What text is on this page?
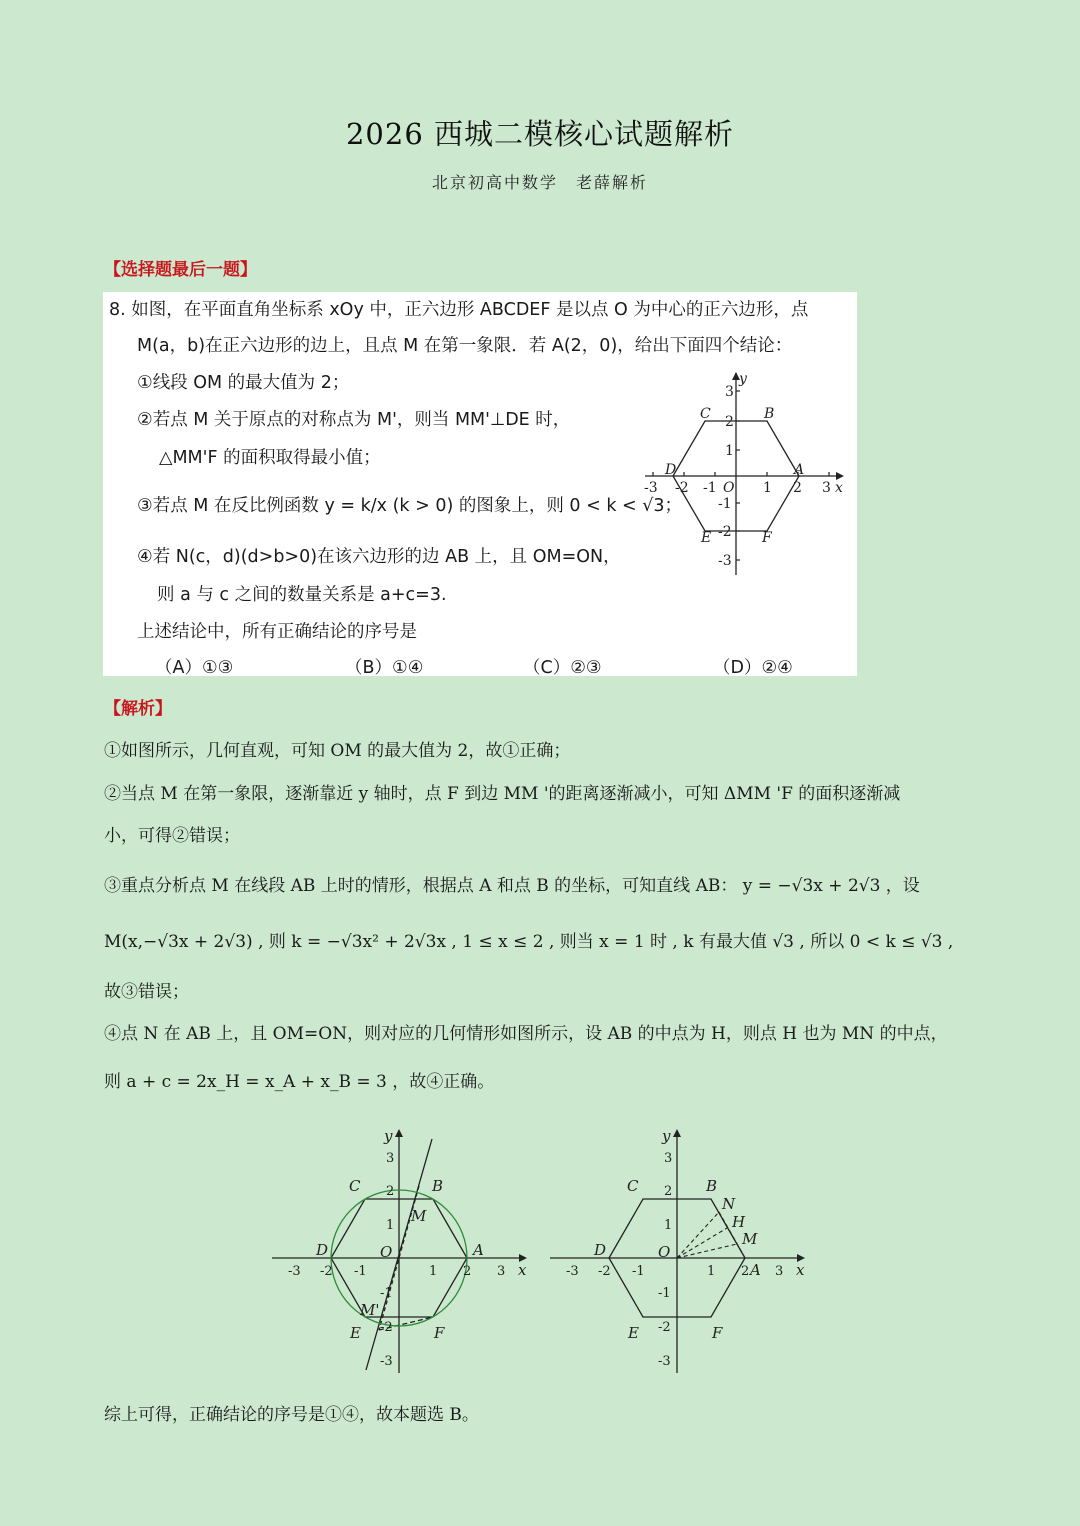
2026 西城二模核心试题解析
北京初高中数学　老薛解析
【选择题最后一题】
8. 如图，在平面直角坐标系 xOy 中，正六边形 ABCDEF 是以点 O 为中心的正六边形，点
M(a，b)在正六边形的边上，且点 M 在第一象限．若 A(2，0)，给出下面四个结论：
①线段 OM 的最大值为 2；
②若点 M 关于原点的对称点为 M'，则当 MM'⊥DE 时，
△MM'F 的面积取得最小值；
③若点 M 在反比例函数 y = k/x (k > 0) 的图象上，则 0 < k < √3；
④若 N(c，d)(d>b>0)在该六边形的边 AB 上，且 OM=ON，
则 a 与 c 之间的数量关系是 a+c=3.
上述结论中，所有正确结论的序号是
（A）①③	（B）①④	（C）②③	（D）②④
y
x
O
A
B
C
D
E	F
-3 -2 -1	1 2 3
3
2
1
-1
-2
-3
【解析】
①如图所示，几何直观，可知 OM 的最大值为 2，故①正确；
②当点 M 在第一象限，逐渐靠近 y 轴时，点 F 到边 MM '的距离逐渐减小，可知 ΔMM 'F 的面积逐渐减
小，可得②错误；
③重点分析点 M 在线段 AB 上时的情形，根据点 A 和点 B 的坐标，可知直线 AB： y = −√3x + 2√3 ，设
M(x,−√3x + 2√3) , 则 k = −√3x² + 2√3x , 1 ≤ x ≤ 2 , 则当 x = 1 时 , k 有最大值 √3 , 所以 0 < k ≤ √3 ,
故③错误；
④点 N 在 AB 上，且 OM=ON，则对应的几何情形如图所示，设 AB 的中点为 H，则点 H 也为 MN 的中点，
则 a + c = 2x_H = x_A + x_B = 3 ，故④正确。
y
x
O	A
B
C
D
E	F
M
M'
-3 -2 -1	1 2 3
3
2
1
-1
-2
-3
y
x
O
A
B
C
D
E	F
N
H
M
-3 -2 -1	1 2 3
3
2
1
-1
-2
-3
综上可得，正确结论的序号是①④，故本题选 B。
